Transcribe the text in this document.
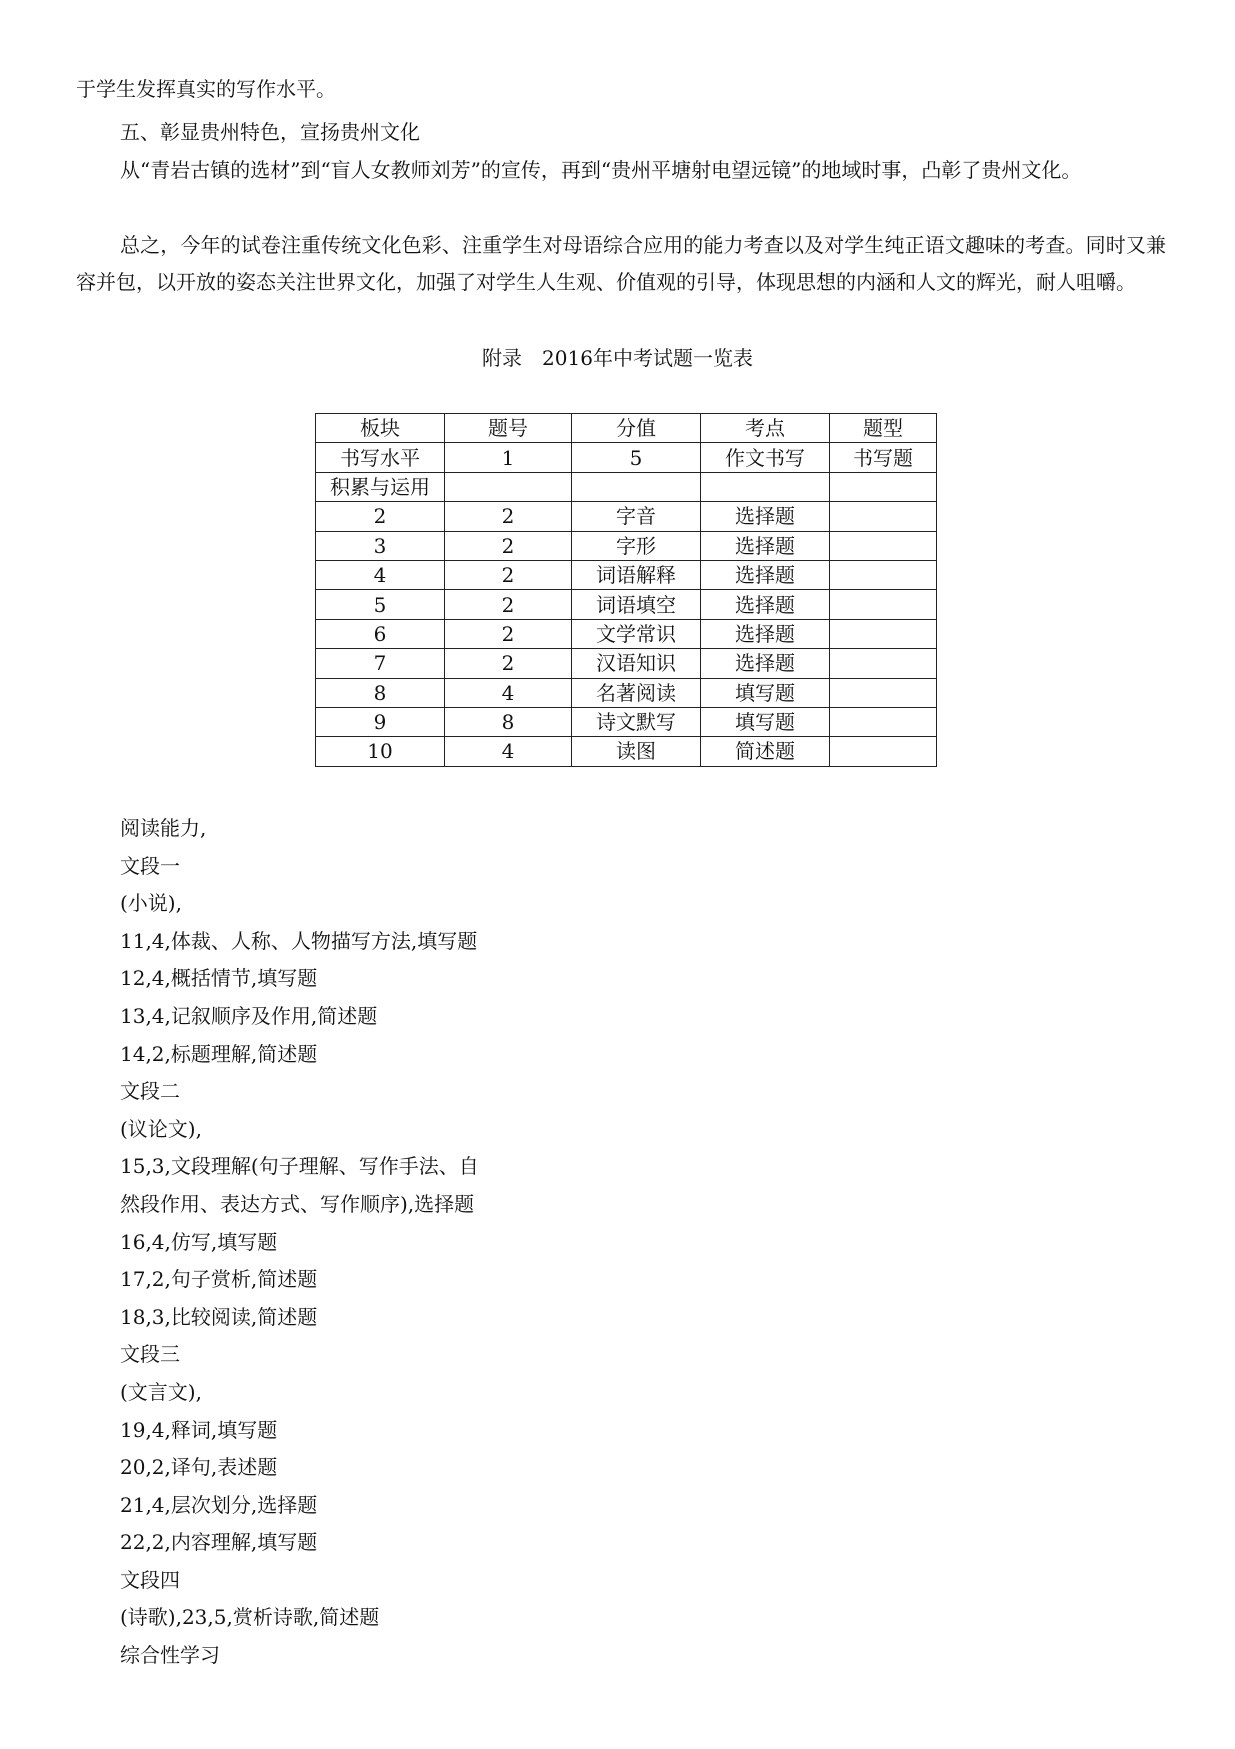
于学生发挥真实的写作水平。

五、彰显贵州特色，宣扬贵州文化

从“青岩古镇的选材”到“盲人女教师刘芳”的宣传，再到“贵州平塘射电望远镜”的地域时事，凸彰了贵州文化。

总之，今年的试卷注重传统文化色彩、注重学生对母语综合应用的能力考查以及对学生纯正语文趣味的考查。同时又兼容并包，以开放的姿态关注世界文化，加强了对学生人生观、价值观的引导，体现思想的内涵和人文的辉光，耐人咀嚼。

附录　2016年中考试题一览表
板块	题号	分值	考点	题型
书写水平	1	5	作文书写	书写题
积累与运用				
2	2	字音	选择题	
3	2	字形	选择题	
4	2	词语解释	选择题	
5	2	词语填空	选择题	
6	2	文学常识	选择题	
7	2	汉语知识	选择题	
8	4	名著阅读	填写题	
9	8	诗文默写	填写题	
10	4	读图	简述题	
阅读能力,
文段一
(小说),
11,4,体裁、人称、人物描写方法,填写题
12,4,概括情节,填写题
13,4,记叙顺序及作用,简述题
14,2,标题理解,简述题
文段二
(议论文),
15,3,文段理解(句子理解、写作手法、自
然段作用、表达方式、写作顺序),选择题
16,4,仿写,填写题
17,2,句子赏析,简述题
18,3,比较阅读,简述题
文段三
(文言文),
19,4,释词,填写题
20,2,译句,表述题
21,4,层次划分,选择题
22,2,内容理解,填写题
文段四
(诗歌),23,5,赏析诗歌,简述题
综合性学习
